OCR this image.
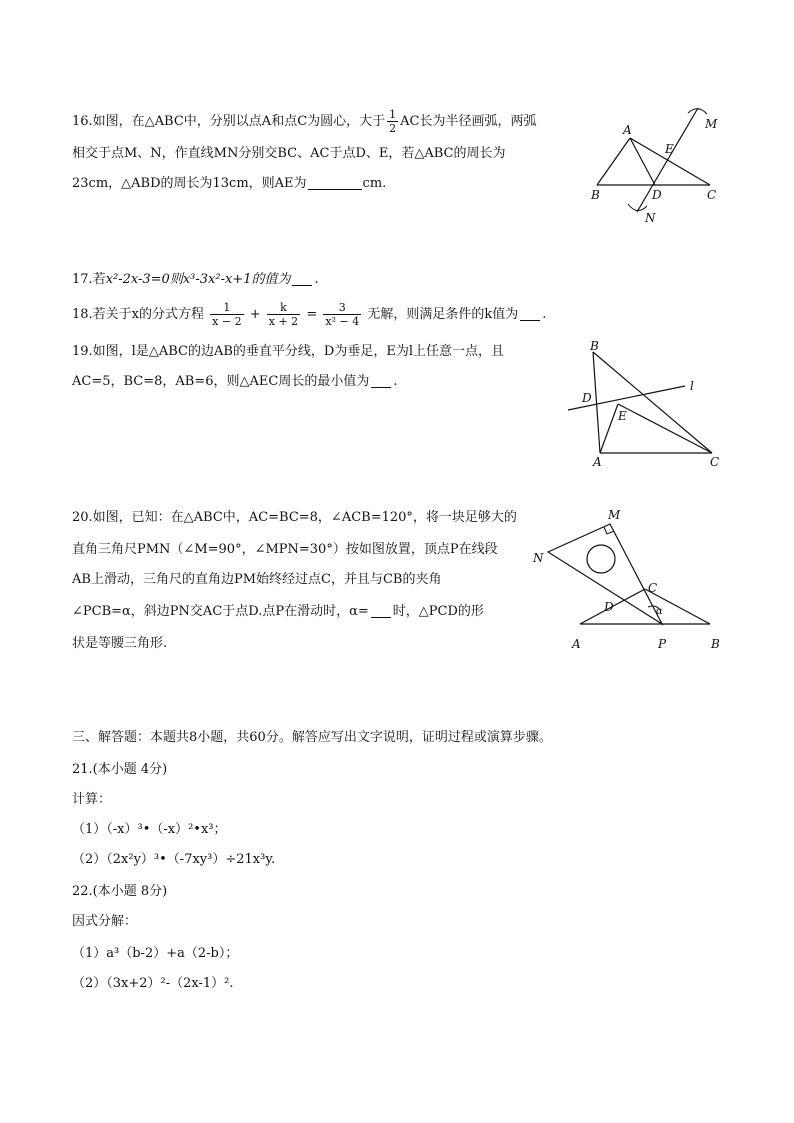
16.如图，在△ABC中，分别以点A和点C为圆心，大于 $\frac{1}{2}$ AC长为半径画弧，两弧
相交于点M、N，作直线MN分别交BC、AC于点D、E，若△ABC的周长为
23cm，△ABD的周长为13cm，则AE为	cm.
A
B	C
D
E
M
N
17.若x²-2x-3=0则x³-3x²-x+1的值为 .
18.若关于x的分式方程 $\frac{1}{x - 2} + \frac{k}{x + 2} = \frac{3}{\text{x² − 4}}$ 无解，则满足条件的k值为 .
19.如图，l是△ABC的边AB的垂直平分线，D为垂足，E为l上任意一点，且
AC=5，BC=8，AB=6，则△AEC周长的最小值为 .
B
l
D
E
A	C
20.如图，已知：在△ABC中，AC=BC=8，∠ACB=120°，将一块足够大的
直角三角尺PMN（∠M=90°，∠MPN=30°）按如图放置，顶点P在线段
AB上滑动，三角尺的直角边PM始终经过点C，并且与CB的夹角
∠PCB=α，斜边PN交AC于点D.点P在滑动时，α= 时，△PCD的形
状是等腰三角形.
M
N
C
D	α
A	P	B
三、解答题：本题共8小题，共60分。解答应写出文字说明，证明过程或演算步骤。
21.(本小题 4分)
计算：
（1）（-x）³•（-x）²•x³；
（2）（2x²y）³•（-7xy³）÷21x³y.
22.(本小题 8分)
因式分解：
（1）a³（b-2）+a（2-b）；
（2）（3x+2）²-（2x-1）².
